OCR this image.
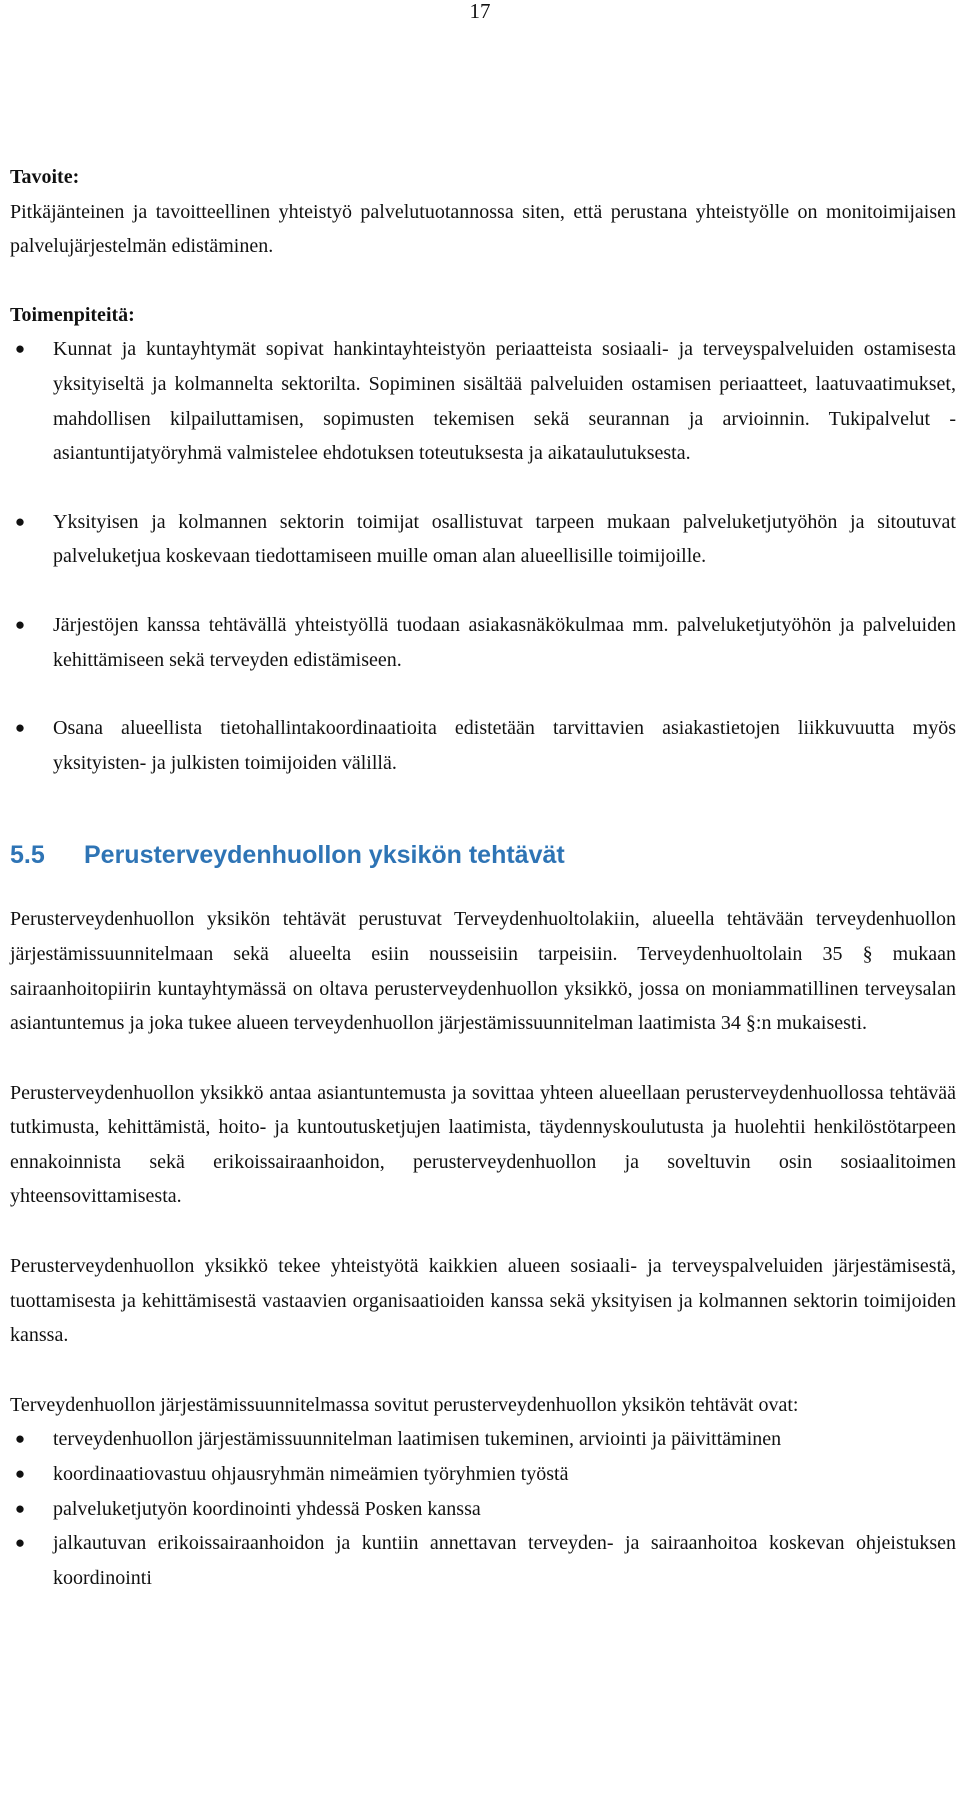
17

Tavoite:

Pitkäjänteinen ja tavoitteellinen yhteistyö palvelutuotannossa siten, että perustana yhteistyölle on monitoimijaisen palvelujärjestelmän edistäminen.

Toimenpiteitä:

● Kunnat ja kuntayhtymät sopivat hankintayhteistyön periaatteista sosiaali- ja terveyspalveluiden ostamisesta yksityiseltä ja kolmannelta sektorilta. Sopiminen sisältää palveluiden ostamisen periaatteet, laatuvaatimukset, mahdollisen kilpailuttamisen, sopimusten tekemisen sekä seurannan ja arvioinnin. Tukipalvelut -asiantuntijatyöryhmä valmistelee ehdotuksen toteutuksesta ja aikataulutuksesta.
● Yksityisen ja kolmannen sektorin toimijat osallistuvat tarpeen mukaan palveluketjutyöhön ja sitoutuvat palveluketjua koskevaan tiedottamiseen muille oman alan alueellisille toimijoille.
● Järjestöjen kanssa tehtävällä yhteistyöllä tuodaan asiakasnäkökulmaa mm. palveluketjutyöhön ja palveluiden kehittämiseen sekä terveyden edistämiseen.
● Osana alueellista tietohallintakoordinaatioita edistetään tarvittavien asiakastietojen liikkuvuutta myös yksityisten- ja julkisten toimijoiden välillä.
5.5 Perusterveydenhuollon yksikön tehtävät

Perusterveydenhuollon yksikön tehtävät perustuvat Terveydenhuoltolakiin, alueella tehtävään terveydenhuollon järjestämissuunnitelmaan sekä alueelta esiin nousseisiin tarpeisiin. Terveydenhuoltolain 35 § mukaan sairaanhoitopiirin kuntayhtymässä on oltava perusterveydenhuollon yksikkö, jossa on moniammatillinen terveysalan asiantuntemus ja joka tukee alueen terveydenhuollon järjestämissuunnitelman laatimista 34 §:n mukaisesti.

Perusterveydenhuollon yksikkö antaa asiantuntemusta ja sovittaa yhteen alueellaan perusterveydenhuollossa tehtävää tutkimusta, kehittämistä, hoito- ja kuntoutusketjujen laatimista, täydennyskoulutusta ja huolehtii henkilöstötarpeen ennakoinnista sekä erikoissairaanhoidon, perusterveydenhuollon ja soveltuvin osin sosiaalitoimen yhteensovittamisesta.

Perusterveydenhuollon yksikkö tekee yhteistyötä kaikkien alueen sosiaali- ja terveyspalveluiden järjestämisestä, tuottamisesta ja kehittämisestä vastaavien organisaatioiden kanssa sekä yksityisen ja kolmannen sektorin toimijoiden kanssa.

Terveydenhuollon järjestämissuunnitelmassa sovitut perusterveydenhuollon yksikön tehtävät ovat:

● terveydenhuollon järjestämissuunnitelman laatimisen tukeminen, arviointi ja päivittäminen
● koordinaatiovastuu ohjausryhmän nimeämien työryhmien työstä
● palveluketjutyön koordinointi yhdessä Posken kanssa
● jalkautuvan erikoissairaanhoidon ja kuntiin annettavan terveyden- ja sairaanhoitoa koskevan ohjeistuksen koordinointi
